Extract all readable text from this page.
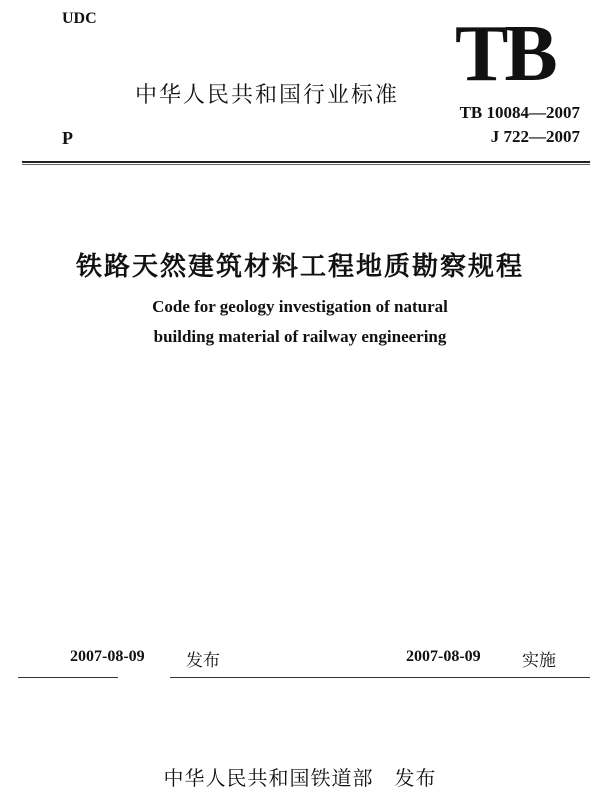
UDC
中华人民共和国行业标准 TB
TB 10084—2007
P	J 722—2007
铁路天然建筑材料工程地质勘察规程
Code for geology investigation of natural
building material of railway engineering
2007-08-09 发布	2007-08-09 实施
中华人民共和国铁道部　发布
